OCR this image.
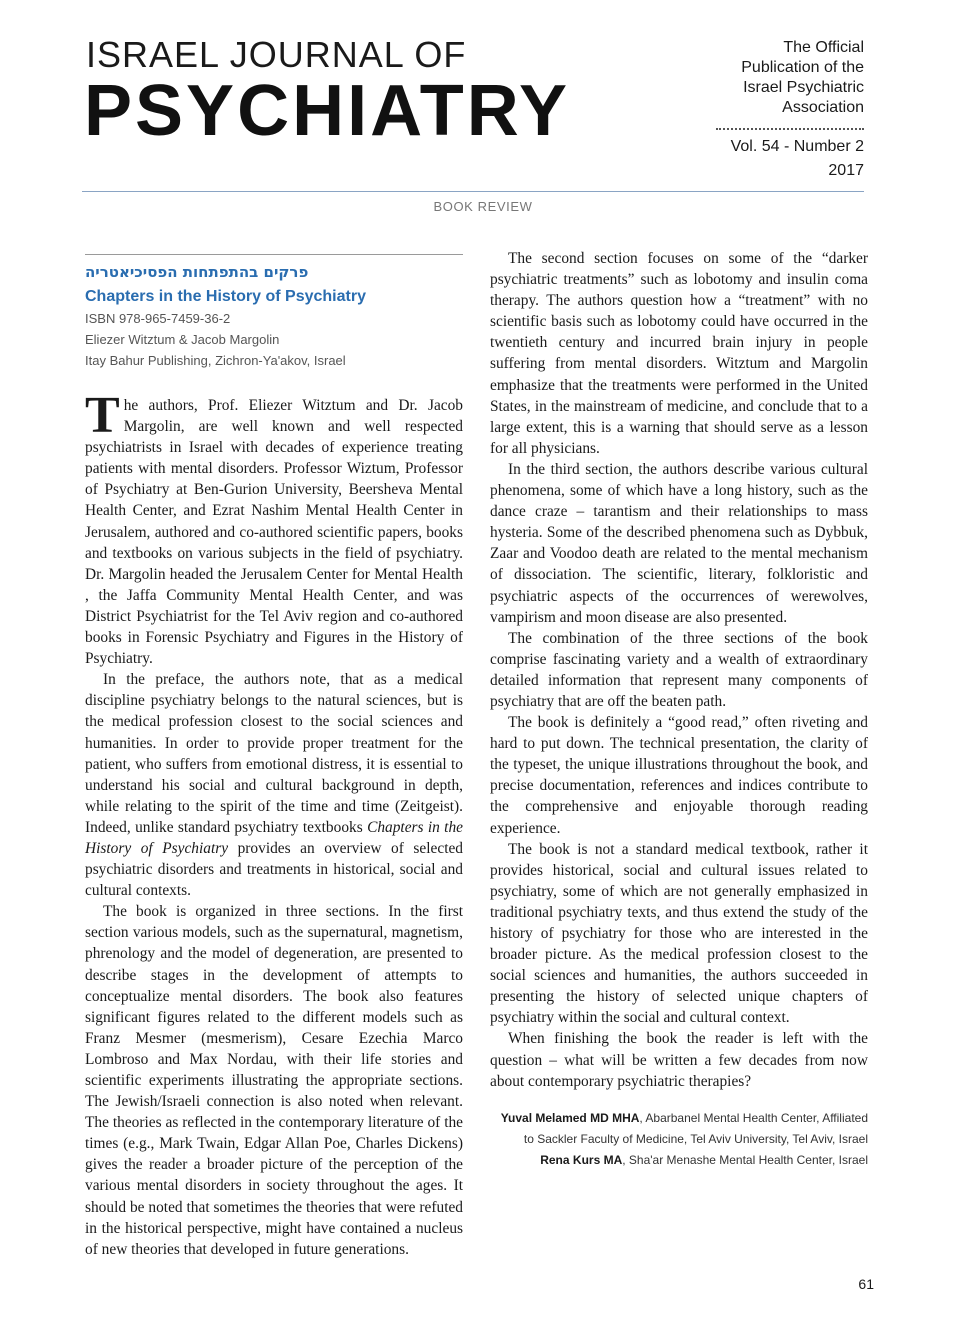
ISRAEL JOURNAL OF
PSYCHIATRY
The Official
Publication of the
Israel Psychiatric
Association
Vol. 54 - Number 2
2017
BOOK REVIEW
פרקים בהתפתחות הפסיכיאטריה
Chapters in the History of Psychiatry
ISBN 978-965-7459-36-2
Eliezer Witztum & Jacob Margolin
Itay Bahur Publishing, Zichron-Ya'akov, Israel

The authors, Prof. Eliezer Witztum and Dr. Jacob Margolin, are well known and well respected psychiatrists in Israel with decades of experience treating patients with mental disorders. Professor Wiztum, Professor of Psychiatry at Ben-Gurion University, Beersheva Mental Health Center, and Ezrat Nashim Mental Health Center in Jerusalem, authored and co-authored scientific papers, books and textbooks on various subjects in the field of psychiatry. Dr. Margolin headed the Jerusalem Center for Mental Health , the Jaffa Community Mental Health Center, and was District Psychiatrist for the Tel Aviv region and co-authored books in Forensic Psychiatry and Figures in the History of Psychiatry.

In the preface, the authors note, that as a medical discipline psychiatry belongs to the natural sciences, but is the medical profession closest to the social sciences and humanities. In order to provide proper treatment for the patient, who suffers from emotional distress, it is essential to understand his social and cultural background in depth, while relating to the spirit of the time and time (Zeitgeist). Indeed, unlike standard psychiatry textbooks Chapters in the History of Psychiatry provides an overview of selected psychiatric disorders and treatments in historical, social and cultural contexts.

The book is organized in three sections. In the first section various models, such as the supernatural, magnetism, phrenology and the model of degeneration, are presented to describe stages in the development of attempts to conceptualize mental disorders. The book also features significant figures related to the different models such as Franz Mesmer (mesmerism), Cesare Ezechia Marco Lombroso and Max Nordau, with their life stories and scientific experiments illustrating the appropriate sections. The Jewish/Israeli connection is also noted when relevant. The theories as reflected in the contemporary literature of the times (e.g., Mark Twain, Edgar Allan Poe, Charles Dickens) gives the reader a broader picture of the perception of the various mental disorders in society throughout the ages. It should be noted that sometimes the theories that were refuted in the historical perspective, might have contained a nucleus of new theories that developed in future generations.

The second section focuses on some of the “darker psychiatric treatments” such as lobotomy and insulin coma therapy. The authors question how a “treatment” with no scientific basis such as lobotomy could have occurred in the twentieth century and incurred brain injury in people suffering from mental disorders. Witztum and Margolin emphasize that the treatments were performed in the United States, in the mainstream of medicine, and conclude that to a large extent, this is a warning that should serve as a lesson for all physicians.

In the third section, the authors describe various cultural phenomena, some of which have a long history, such as the dance craze – tarantism and their relationships to mass hysteria. Some of the described phenomena such as Dybbuk, Zaar and Voodoo death are related to the mental mechanism of dissociation. The scientific, literary, folkloristic and psychiatric aspects of the occurrences of werewolves, vampirism and moon disease are also presented.

The combination of the three sections of the book comprise fascinating variety and a wealth of extraordinary detailed information that represent many components of psychiatry that are off the beaten path.

The book is definitely a “good read,” often riveting and hard to put down. The technical presentation, the clarity of the typeset, the unique illustrations throughout the book, and precise documentation, references and indices contribute to the comprehensive and enjoyable thorough reading experience.

The book is not a standard medical textbook, rather it provides historical, social and cultural issues related to psychiatry, some of which are not generally emphasized in traditional psychiatry texts, and thus extend the study of the history of psychiatry for those who are interested in the broader picture. As the medical profession closest to the social sciences and humanities, the authors succeeded in presenting the history of selected unique chapters of psychiatry within the social and cultural context.

When finishing the book the reader is left with the question – what will be written a few decades from now about contemporary psychiatric therapies?

Yuval Melamed MD MHA, Abarbanel Mental Health Center, Affiliated
to Sackler Faculty of Medicine, Tel Aviv University, Tel Aviv, Israel
Rena Kurs MA, Sha'ar Menashe Mental Health Center, Israel
61
